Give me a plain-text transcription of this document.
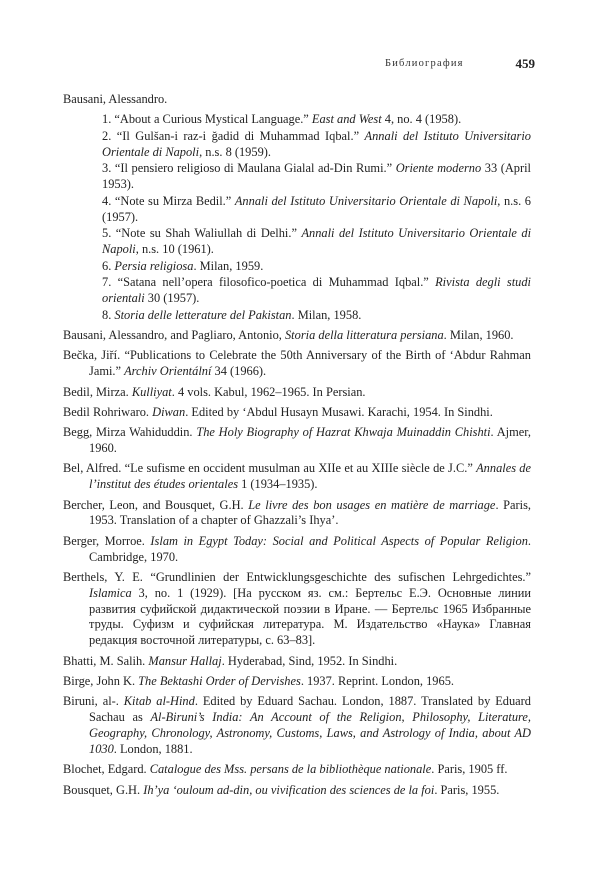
Библиография	459
Bausani, Alessandro.
1. “About a Curious Mystical Language.” East and West 4, no. 4 (1958).
2. “Il Gulšan-i raz-i ğadid di Muhammad Iqbal.” Annali del Istituto Universitario Orientale di Napoli, n.s. 8 (1959).
3. “Il pensiero religioso di Maulana Gialal ad-Din Rumi.” Oriente moderno 33 (April 1953).
4. “Note su Mirza Bedil.” Annali del Istituto Universitario Orientale di Napoli, n.s. 6 (1957).
5. “Note su Shah Waliullah di Delhi.” Annali del Istituto Universitario Orientale di Napoli, n.s. 10 (1961).
6. Persia religiosa. Milan, 1959.
7. “Satana nell’opera filosofico-poetica di Muhammad Iqbal.” Rivista degli studi orientali 30 (1957).
8. Storia delle letterature del Pakistan. Milan, 1958.
Bausani, Alessandro, and Pagliaro, Antonio, Storia della litteratura persiana. Milan, 1960.
Bečka, Jiří. “Publications to Celebrate the 50th Anniversary of the Birth of ‘Abdur Rahman Jami.” Archiv Orientální 34 (1966).
Bedil, Mirza. Kulliyat. 4 vols. Kabul, 1962–1965. In Persian.
Bedil Rohriwaro. Diwan. Edited by ‘Abdul Husayn Musawi. Karachi, 1954. In Sindhi.
Begg, Mirza Wahiduddin. The Holy Biography of Hazrat Khwaja Muinaddin Chishti. Ajmer, 1960.
Bel, Alfred. “Le sufisme en occident musulman au XIIe et au XIIIe siècle de J.C.” Annales de l’institut des études orientales 1 (1934–1935).
Bercher, Leon, and Bousquet, G.H. Le livre des bon usages en matière de marriage. Paris, 1953. Translation of a chapter of Ghazzali’s Ihya’.
Berger, Morroe. Islam in Egypt Today: Social and Political Aspects of Popular Religion. Cambridge, 1970.
Berthels, Y. E. “Grundlinien der Entwicklungsgeschichte des sufischen Lehrgedichtes.” Islamica 3, no. 1 (1929). [На русском яз. см.: Бертельс Е.Э. Основные линии развития суфийской дидактической поэзии в Иране. — Бертельс 1965 Избранные труды. Суфизм и суфийская литература. М. Издательство «Наука» Главная редакция восточной литературы, с. 63–83].
Bhatti, M. Salih. Mansur Hallaj. Hyderabad, Sind, 1952. In Sindhi.
Birge, John K. The Bektashi Order of Dervishes. 1937. Reprint. London, 1965.
Biruni, al-. Kitab al-Hind. Edited by Eduard Sachau. London, 1887. Translated by Eduard Sachau as Al-Biruni’s India: An Account of the Religion, Philosophy, Literature, Geography, Chronology, Astronomy, Customs, Laws, and Astrology of India, about AD 1030. London, 1881.
Blochet, Edgard. Catalogue des Mss. persans de la bibliothèque nationale. Paris, 1905 ff.
Bousquet, G.H. Ih’ya ‘ouloum ad-din, ou vivification des sciences de la foi. Paris, 1955.
